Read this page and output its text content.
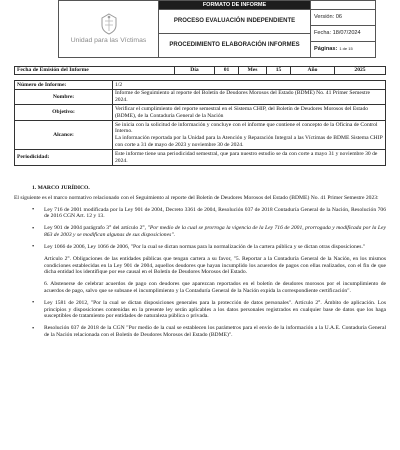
Unidad para las Víctimas
FORMATO DE INFORME
PROCESO EVALUACIÓN INDEPENDIENTE
PROCEDIMIENTO ELABORACIÓN INFORMES
Versión: 06
Fecha: 18/07/2024
Páginas: 1 de 15
Fecha de Emisión del Informe	Día	01	Mes	15	Año	2025
Número de Informe:	1/2
Nombre:	Informe de Seguimiento al reporte del Boletín de Deudores Morosos del Estado (BDME) No. 41 Primer Semestre 2024.
Objetivo:	Verificar el cumplimiento del reporte semestral en el Sistema CHIP, del Boletín de Deudores Morosos del Estado (BDME), de la Contaduría General de la Nación
Alcance:	Se inicia con la solicitud de información y concluye con el informe que contiene el concepto de la Oficina de Control Interno.
La información reportada por la Unidad para la Atención y Reparación Integral a las Víctimas de BDME Sistema CHIP con corte a 31 de mayo de 2023 y noviembre 30 de 2024.

Periodicidad:	Este informe tiene una periodicidad semestral, que para nuestro estudio se da con corte a mayo 31 y noviembre 30 de 2024.
1. MARCO JURÍDICO.

El siguiente es el marco normativo relacionado con el Seguimiento al reporte del Boletín de Deudores Morosos del Estado (BDME) No. 41 Primer Semestre 2023:

• Ley 716 de 2001 modificada por la Ley 901 de 2004, Decreto 3361 de 2004, Resolución 037 de 2018 Contaduría General de la Nación, Resolución 706 de 2016 CGN Art. 12 y 13.
• Ley 901 de 2004 parágrafo 3° del artículo 2°, "Por medio de la cual se prorroga la vigencia de la Ley 716 de 2001, prorrogada y modificada por la Ley 863 de 2003 y se modifican algunas de sus disposiciones".
• Ley 1066 de 2006, Ley 1066 de 2006, "Por la cual se dictan normas para la normalización de la cartera pública y se dictan otras disposiciones."
Artículo 2°. Obligaciones de las entidades públicas que tengan cartera a su favor, "5. Reportar a la Contaduría General de la Nación, en los mismos condiciones establecidas en la Ley 901 de 2004, aquellos deudores que hayan incumplido los acuerdos de pagos con ellas realizados, con el fin de que dicha entidad los identifique por ese causal en el Boletín de Deudores Morosos del Estado.
6. Abstenerse de celebrar acuerdos de pago con deudores que aparezcan reportados en el boletín de deudores morosos por el incumplimiento de acuerdos de pago, salvo que se subsane el incumplimiento y la Contaduría General de la Nación expida la correspondiente certificación".
• Ley 1581 de 2012, "Por la cual se dictan disposiciones generales para la protección de datos personales". Artículo 2°. Ámbito de aplicación. Los principios y disposiciones contenidas en la presente ley serán aplicables a los datos personales registrados en cualquier base de datos que los haga susceptibles de tratamiento por entidades de naturaleza pública o privada.
• Resolución 037 de 2018 de la CGN "Por medio de la cual se establecen los parámetros para el envío de la información a la U.A.E. Contaduría General de la Nación relacionada con el Boletín de Deudores Morosos del Estado (BDME)".
